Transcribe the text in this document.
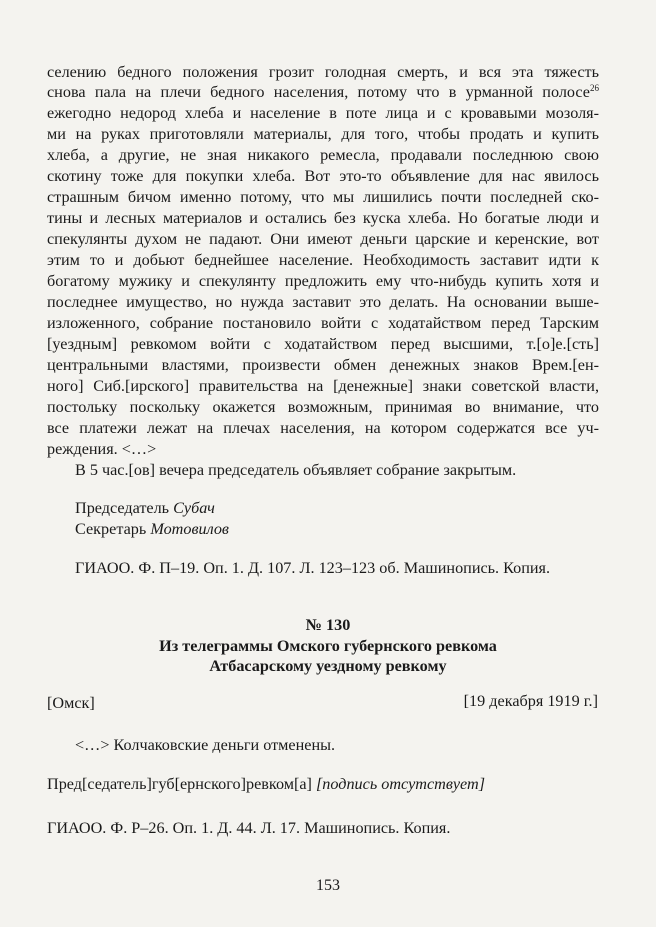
селению бедного положения грозит голодная смерть, и вся эта тяжесть
снова пала на плечи бедного населения, потому что в урманной полосе$^{26}$
ежегодно недород хлеба и население в поте лица и с кровавыми мозоля-
ми на руках приготовляли материалы, для того, чтобы продать и купить
хлеба, а другие, не зная никакого ремесла, продавали последнюю свою
скотину тоже для покупки хлеба. Вот это-то объявление для нас явилось
страшным бичом именно потому, что мы лишились почти последней ско-
тины и лесных материалов и остались без куска хлеба. Но богатые люди и
спекулянты духом не падают. Они имеют деньги царские и керенские, вот
этим то и добьют беднейшее население. Необходимость заставит идти к
богатому мужику и спекулянту предложить ему что-нибудь купить хотя и
последнее имущество, но нужда заставит это делать. На основании выше-
изложенного, собрание постановило войти с ходатайством перед Тарским
[уездным] ревкомом войти с ходатайством перед высшими, т.[о]е.[сть]
центральными властями, произвести обмен денежных знаков Врем.[ен-
ного] Сиб.[ирского] правительства на [денежные] знаки советской власти,
постольку поскольку окажется возможным, принимая во внимание, что
все платежи лежат на плечах населения, на котором содержатся все уч-
реждения. <…>
В 5 час.[ов] вечера председатель объявляет собрание закрытым.
Председатель Субач
Секретарь Мотовилов
ГИАОО. Ф. П–19. Оп. 1. Д. 107. Л. 123–123 об. Машинопись. Копия.
№ 130
Из телеграммы Омского губернского ревкома
Атбасарскому уездному ревкому
[Омск]	[19 декабря 1919 г.]
<…> Колчаковские деньги отменены.
Пред[седатель]губ[ернского]ревком[а] [подпись отсутствует]
ГИАОО. Ф. Р–26. Оп. 1. Д. 44. Л. 17. Машинопись. Копия.
153
